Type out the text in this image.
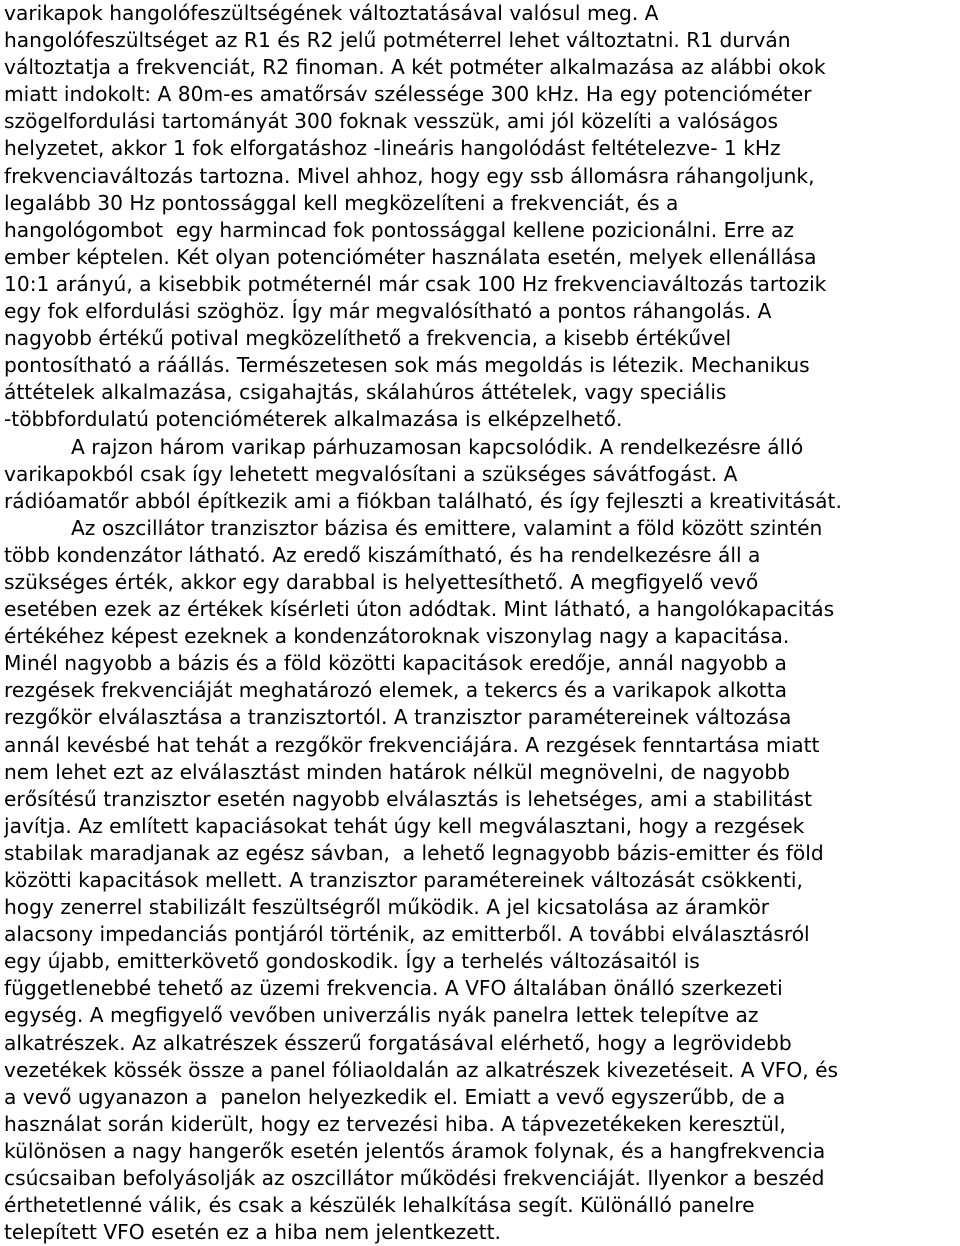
varikapok hangolófeszültségének változtatásával valósul meg. A
hangolófeszültséget az R1 és R2 jelű potméterrel lehet változtatni. R1 durván
változtatja a frekvenciát, R2 finoman. A két potméter alkalmazása az alábbi okok
miatt indokolt: A 80m-es amatőrsáv szélessége 300 kHz. Ha egy potencióméter
szögelfordulási tartományát 300 foknak vesszük, ami jól közelíti a valóságos
helyzetet, akkor 1 fok elforgatáshoz -lineáris hangolódást feltételezve- 1 kHz
frekvenciaváltozás tartozna. Mivel ahhoz, hogy egy ssb állomásra ráhangoljunk,
legalább 30 Hz pontossággal kell megközelíteni a frekvenciát, és a
hangológombot  egy harmincad fok pontossággal kellene pozicionálni. Erre az
ember képtelen. Két olyan potencióméter használata esetén, melyek ellenállása
10:1 arányú, a kisebbik potméternél már csak 100 Hz frekvenciaváltozás tartozik
egy fok elfordulási szöghöz. Így már megvalósítható a pontos ráhangolás. A
nagyobb értékű potival megközelíthető a frekvencia, a kisebb értékűvel
pontosítható a ráállás. Természetesen sok más megoldás is létezik. Mechanikus
áttételek alkalmazása, csigahajtás, skálahúros áttételek, vagy speciális
-többfordulatú potencióméterek alkalmazása is elképzelhető.
A rajzon három varikap párhuzamosan kapcsolódik. A rendelkezésre álló
varikapokból csak így lehetett megvalósítani a szükséges sávátfogást. A
rádióamatőr abból építkezik ami a fiókban található, és így fejleszti a kreativitását.
Az oszcillátor tranzisztor bázisa és emittere, valamint a föld között szintén
több kondenzátor látható. Az eredő kiszámítható, és ha rendelkezésre áll a
szükséges érték, akkor egy darabbal is helyettesíthető. A megfigyelő vevő
esetében ezek az értékek kísérleti úton adódtak. Mint látható, a hangolókapacitás
értékéhez képest ezeknek a kondenzátoroknak viszonylag nagy a kapacitása.
Minél nagyobb a bázis és a föld közötti kapacitások eredője, annál nagyobb a
rezgések frekvenciáját meghatározó elemek, a tekercs és a varikapok alkotta
rezgőkör elválasztása a tranzisztortól. A tranzisztor paramétereinek változása
annál kevésbé hat tehát a rezgőkör frekvenciájára. A rezgések fenntartása miatt
nem lehet ezt az elválasztást minden határok nélkül megnövelni, de nagyobb
erősítésű tranzisztor esetén nagyobb elválasztás is lehetséges, ami a stabilitást
javítja. Az említett kapaciásokat tehát úgy kell megválasztani, hogy a rezgések
stabilak maradjanak az egész sávban,  a lehető legnagyobb bázis-emitter és föld
közötti kapacitások mellett. A tranzisztor paramétereinek változását csökkenti,
hogy zenerrel stabilizált feszültségről működik. A jel kicsatolása az áramkör
alacsony impedanciás pontjáról történik, az emitterből. A további elválasztásról
egy újabb, emitterkövető gondoskodik. Így a terhelés változásaitól is
függetlenebbé tehető az üzemi frekvencia. A VFO általában önálló szerkezeti
egység. A megfigyelő vevőben univerzális nyák panelra lettek telepítve az
alkatrészek. Az alkatrészek ésszerű forgatásával elérhető, hogy a legrövidebb
vezetékek kössék össze a panel fóliaoldalán az alkatrészek kivezetéseit. A VFO, és
a vevő ugyanazon a  panelon helyezkedik el. Emiatt a vevő egyszerűbb, de a
használat során kiderült, hogy ez tervezési hiba. A tápvezetékeken keresztül,
különösen a nagy hangerők esetén jelentős áramok folynak, és a hangfrekvencia
csúcsaiban befolyásolják az oszcillátor működési frekvenciáját. Ilyenkor a beszéd
érthetetlenné válik, és csak a készülék lehalkítása segít. Különálló panelre
telepített VFO esetén ez a hiba nem jelentkezett.
